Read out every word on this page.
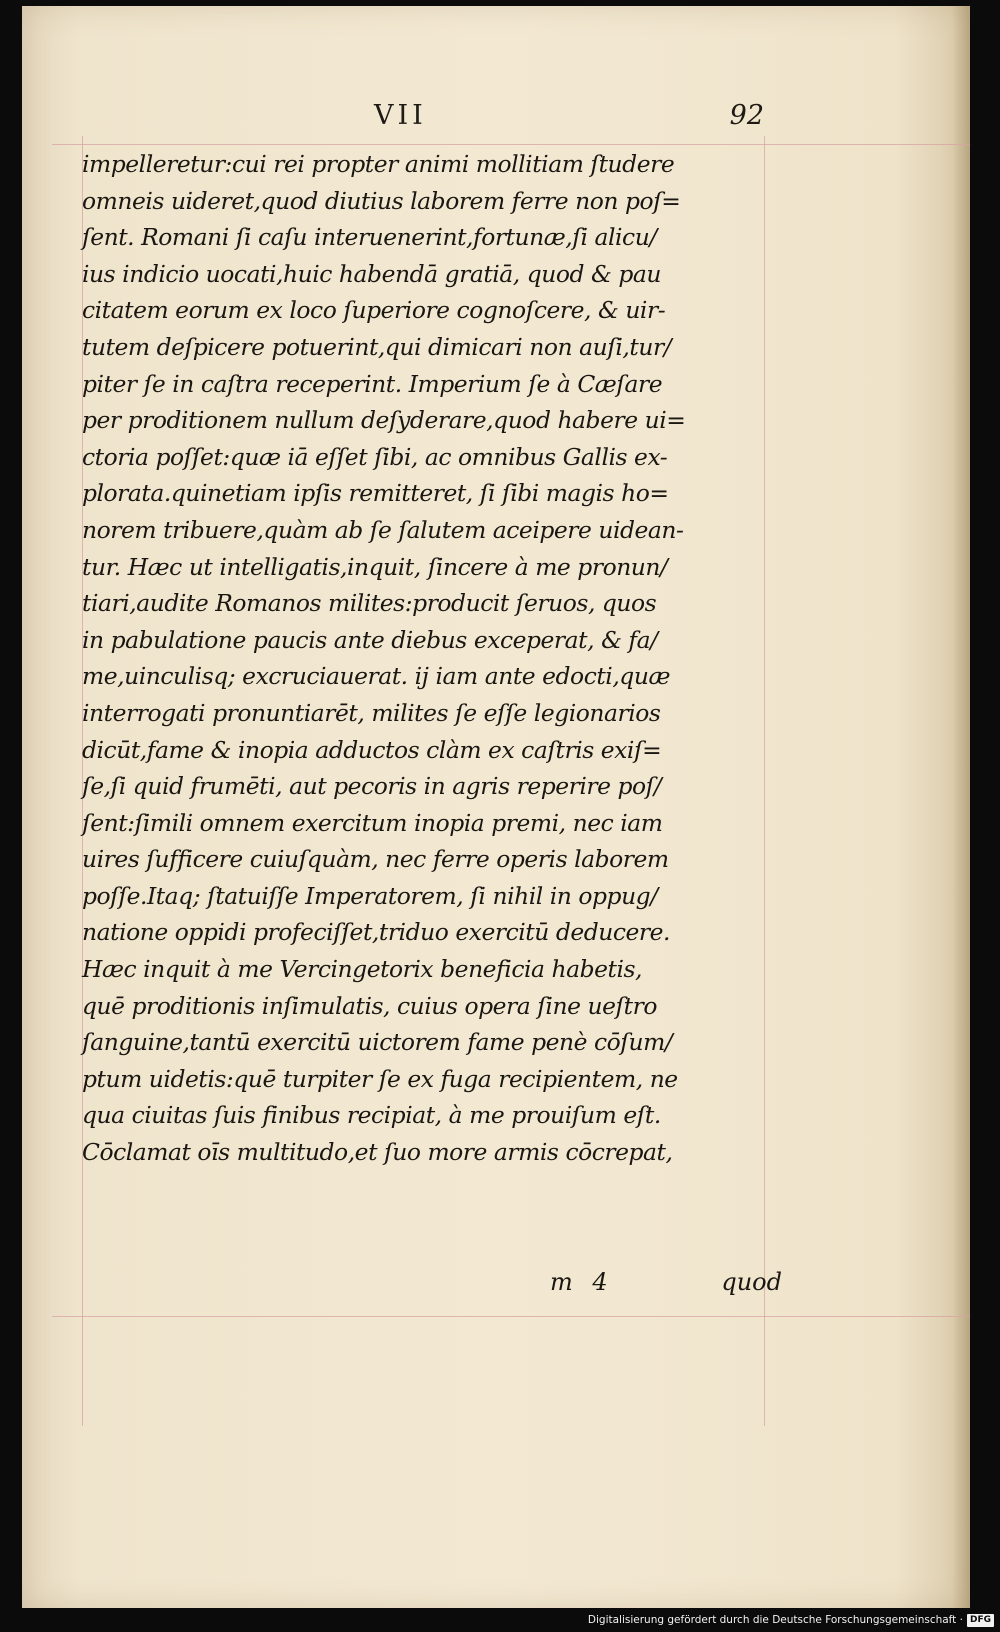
VII	92
impelleretur:cui rei propter animi mollitiam ſtudere
omneis uideret,quod diutius laborem ferre non poſ=
ſent. Romani ſi caſu interuenerint,fortunæ,ſi alicu/
ius indicio uocati,huic habendā gratiā, quod & pau
citatem eorum ex loco ſuperiore cognoſcere, & uir-
tutem deſpicere potuerint,qui dimicari non auſi,tur/
piter ſe in caſtra receperint. Imperium ſe à Cæſare
per proditionem nullum deſyderare,quod habere ui=
ctoria poſſet:quæ iā eſſet ſibi, ac omnibus Gallis ex-
plorata.quinetiam ipſis remitteret, ſi ſibi magis ho=
norem tribuere,quàm ab ſe ſalutem aceipere uidean-
tur. Hæc ut intelligatis,inquit, ſincere à me pronun/
tiari,audite Romanos milites:producit ſeruos, quos
in pabulatione paucis ante diebus exceperat, & fa/
me,uinculisq; excruciauerat. ij iam ante edocti,quæ
interrogati pronuntiarēt, milites ſe eſſe legionarios
dicūt,fame & inopia adductos clàm ex caſtris exiſ=
ſe,ſi quid frumēti, aut pecoris in agris reperire poſ/
ſent:ſimili omnem exercitum inopia premi, nec iam
uires ſufficere cuiuſquàm, nec ferre operis laborem
poſſe.Itaq; ſtatuiſſe Imperatorem, ſi nihil in oppug/
natione oppidi profeciſſet,triduo exercitū deducere.
Hæc inquit à me Vercingetorix beneficia habetis,
quē proditionis inſimulatis, cuius opera ſine ueſtro
ſanguine,tantū exercitū uictorem fame penè cōſum/
ptum uidetis:quē turpiter ſe ex fuga recipientem, ne
qua ciuitas ſuis finibus recipiat, à me prouiſum eſt.
Cōclamat oīs multitudo,et ſuo more armis cōcrepat,
m 4	quod
Digitalisierung gefördert durch die Deutsche Forschungsgemeinschaft · DFG
